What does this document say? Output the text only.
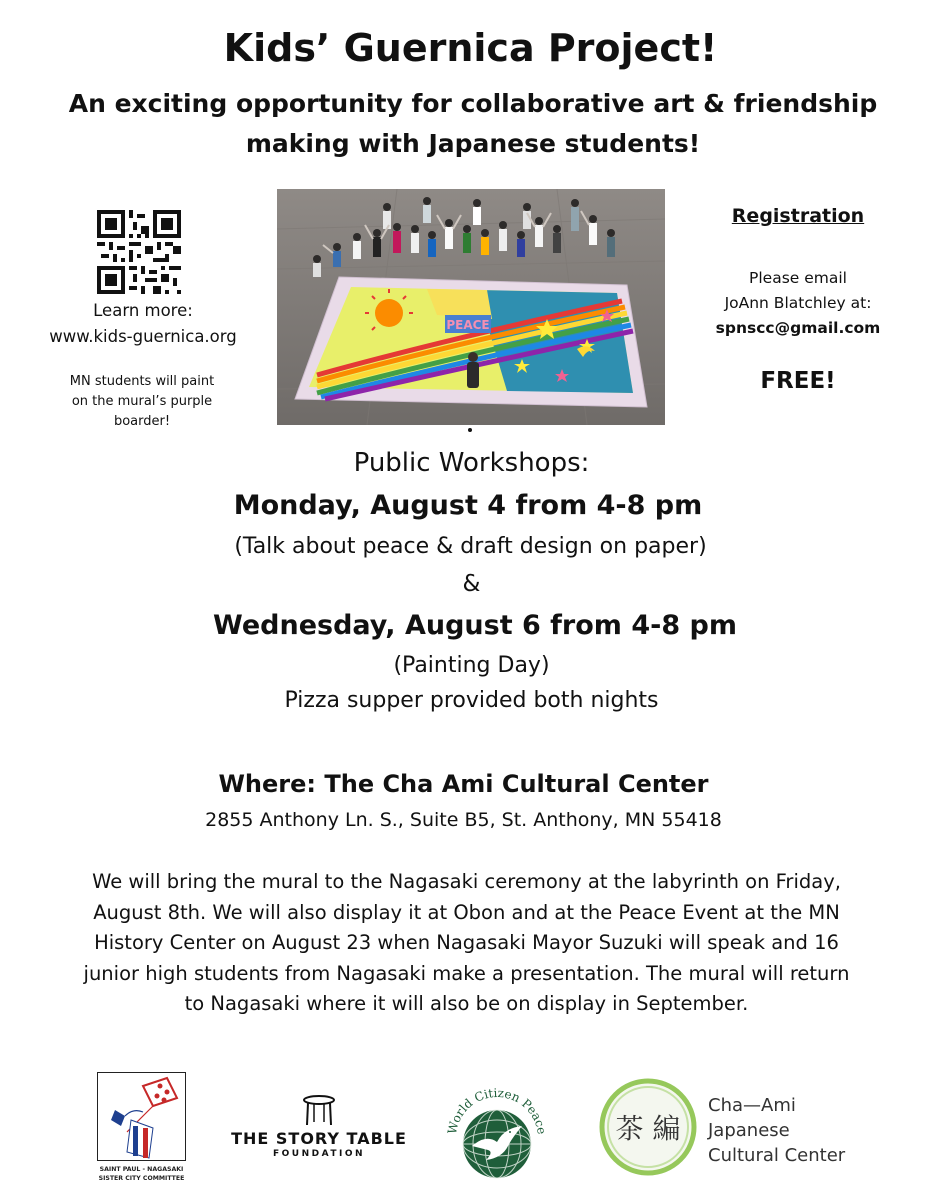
Kids’ Guernica Project!
An exciting opportunity for collaborative art & friendship
making with Japanese students!
Learn more:
www.kids-guernica.org
MN students will paint
on the mural’s purple
boarder!
PEACE
Registration
Please email
JoAnn Blatchley at:
spnscc@gmail.com
FREE!
Public Workshops:
Monday, August 4 from 4-8 pm
(Talk about peace & draft design on paper)
&
Wednesday, August 6 from 4-8 pm
(Painting Day)
Pizza supper provided both nights
Where: The Cha Ami Cultural Center
2855 Anthony Ln. S., Suite B5, St. Anthony, MN 55418
We will bring the mural to the Nagasaki ceremony at the labyrinth on Friday,
August 8th. We will also display it at Obon and at the Peace Event at the MN
History Center on August 23 when Nagasaki Mayor Suzuki will speak and 16
junior high students from Nagasaki make a presentation. The mural will return
to Nagasaki where it will also be on display in September.
SAINT PAUL - NAGASAKI
SISTER CITY COMMITTEE
THE STORY TABLE
FOUNDATION
World Citizen Peace 茶 編
Cha—Ami
Japanese
Cultural Center
